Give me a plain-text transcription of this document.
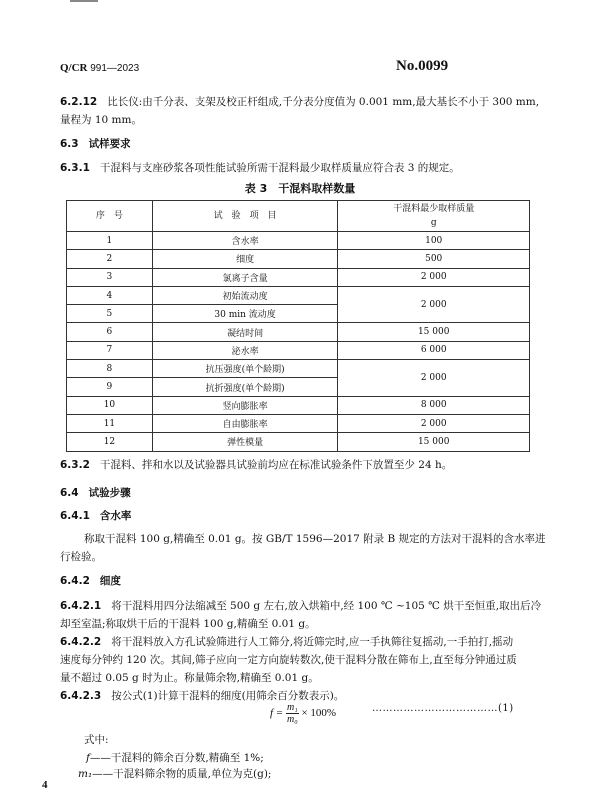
Q/CR 991—2023	No.0099
6.2.12 比长仪:由千分表、支架及校正杆组成,千分表分度值为 0.001 mm,最大基长不小于 300 mm,
量程为 10 mm。
6.3 试样要求
6.3.1 干混料与支座砂浆各项性能试验所需干混料最少取样质量应符合表 3 的规定。
表 3　干混料取样数量
序　号	试　验　项　目	干混料最少取样质量
g
1	含水率	100
2	细度	500
3	氯离子含量	2 000
4	初始流动度	2 000
5	30 min 流动度	
6	凝结时间	15 000
7	泌水率	6 000
8	抗压强度(单个龄期)	2 000
9	抗折强度(单个龄期)	
10	竖向膨胀率	8 000
11	自由膨胀率	2 000
12	弹性模量	15 000
6.3.2 干混料、拌和水以及试验器具试验前均应在标准试验条件下放置至少 24 h。
6.4 试验步骤
6.4.1 含水率
称取干混料 100 g,精确至 0.01 g。按 GB/T 1596—2017 附录 B 规定的方法对干混料的含水率进
行检验。
6.4.2 细度
6.4.2.1 将干混料用四分法缩减至 500 g 左右,放入烘箱中,经 100 ℃ ~105 ℃ 烘干至恒重,取出后冷
却至室温;称取烘干后的干混料 100 g,精确至 0.01 g。
6.4.2.2 将干混料放入方孔试验筛进行人工筛分,将近筛完时,应一手执筛往复摇动,一手拍打,摇动
速度每分钟约 120 次。其间,筛子应向一定方向旋转数次,使干混料分散在筛布上,直至每分钟通过质
量不超过 0.05 g 时为止。称量筛余物,精确至 0.01 g。
6.4.2.3 按公式(1)计算干混料的细度(用筛余百分数表示)。
$f = \frac{\text{m₁}}{\text{m₀}} \times 100\%$	………………………………(1)
式中:
f——干混料的筛余百分数,精确至 1%;
m₁——干混料筛余物的质量,单位为克(g);
4
